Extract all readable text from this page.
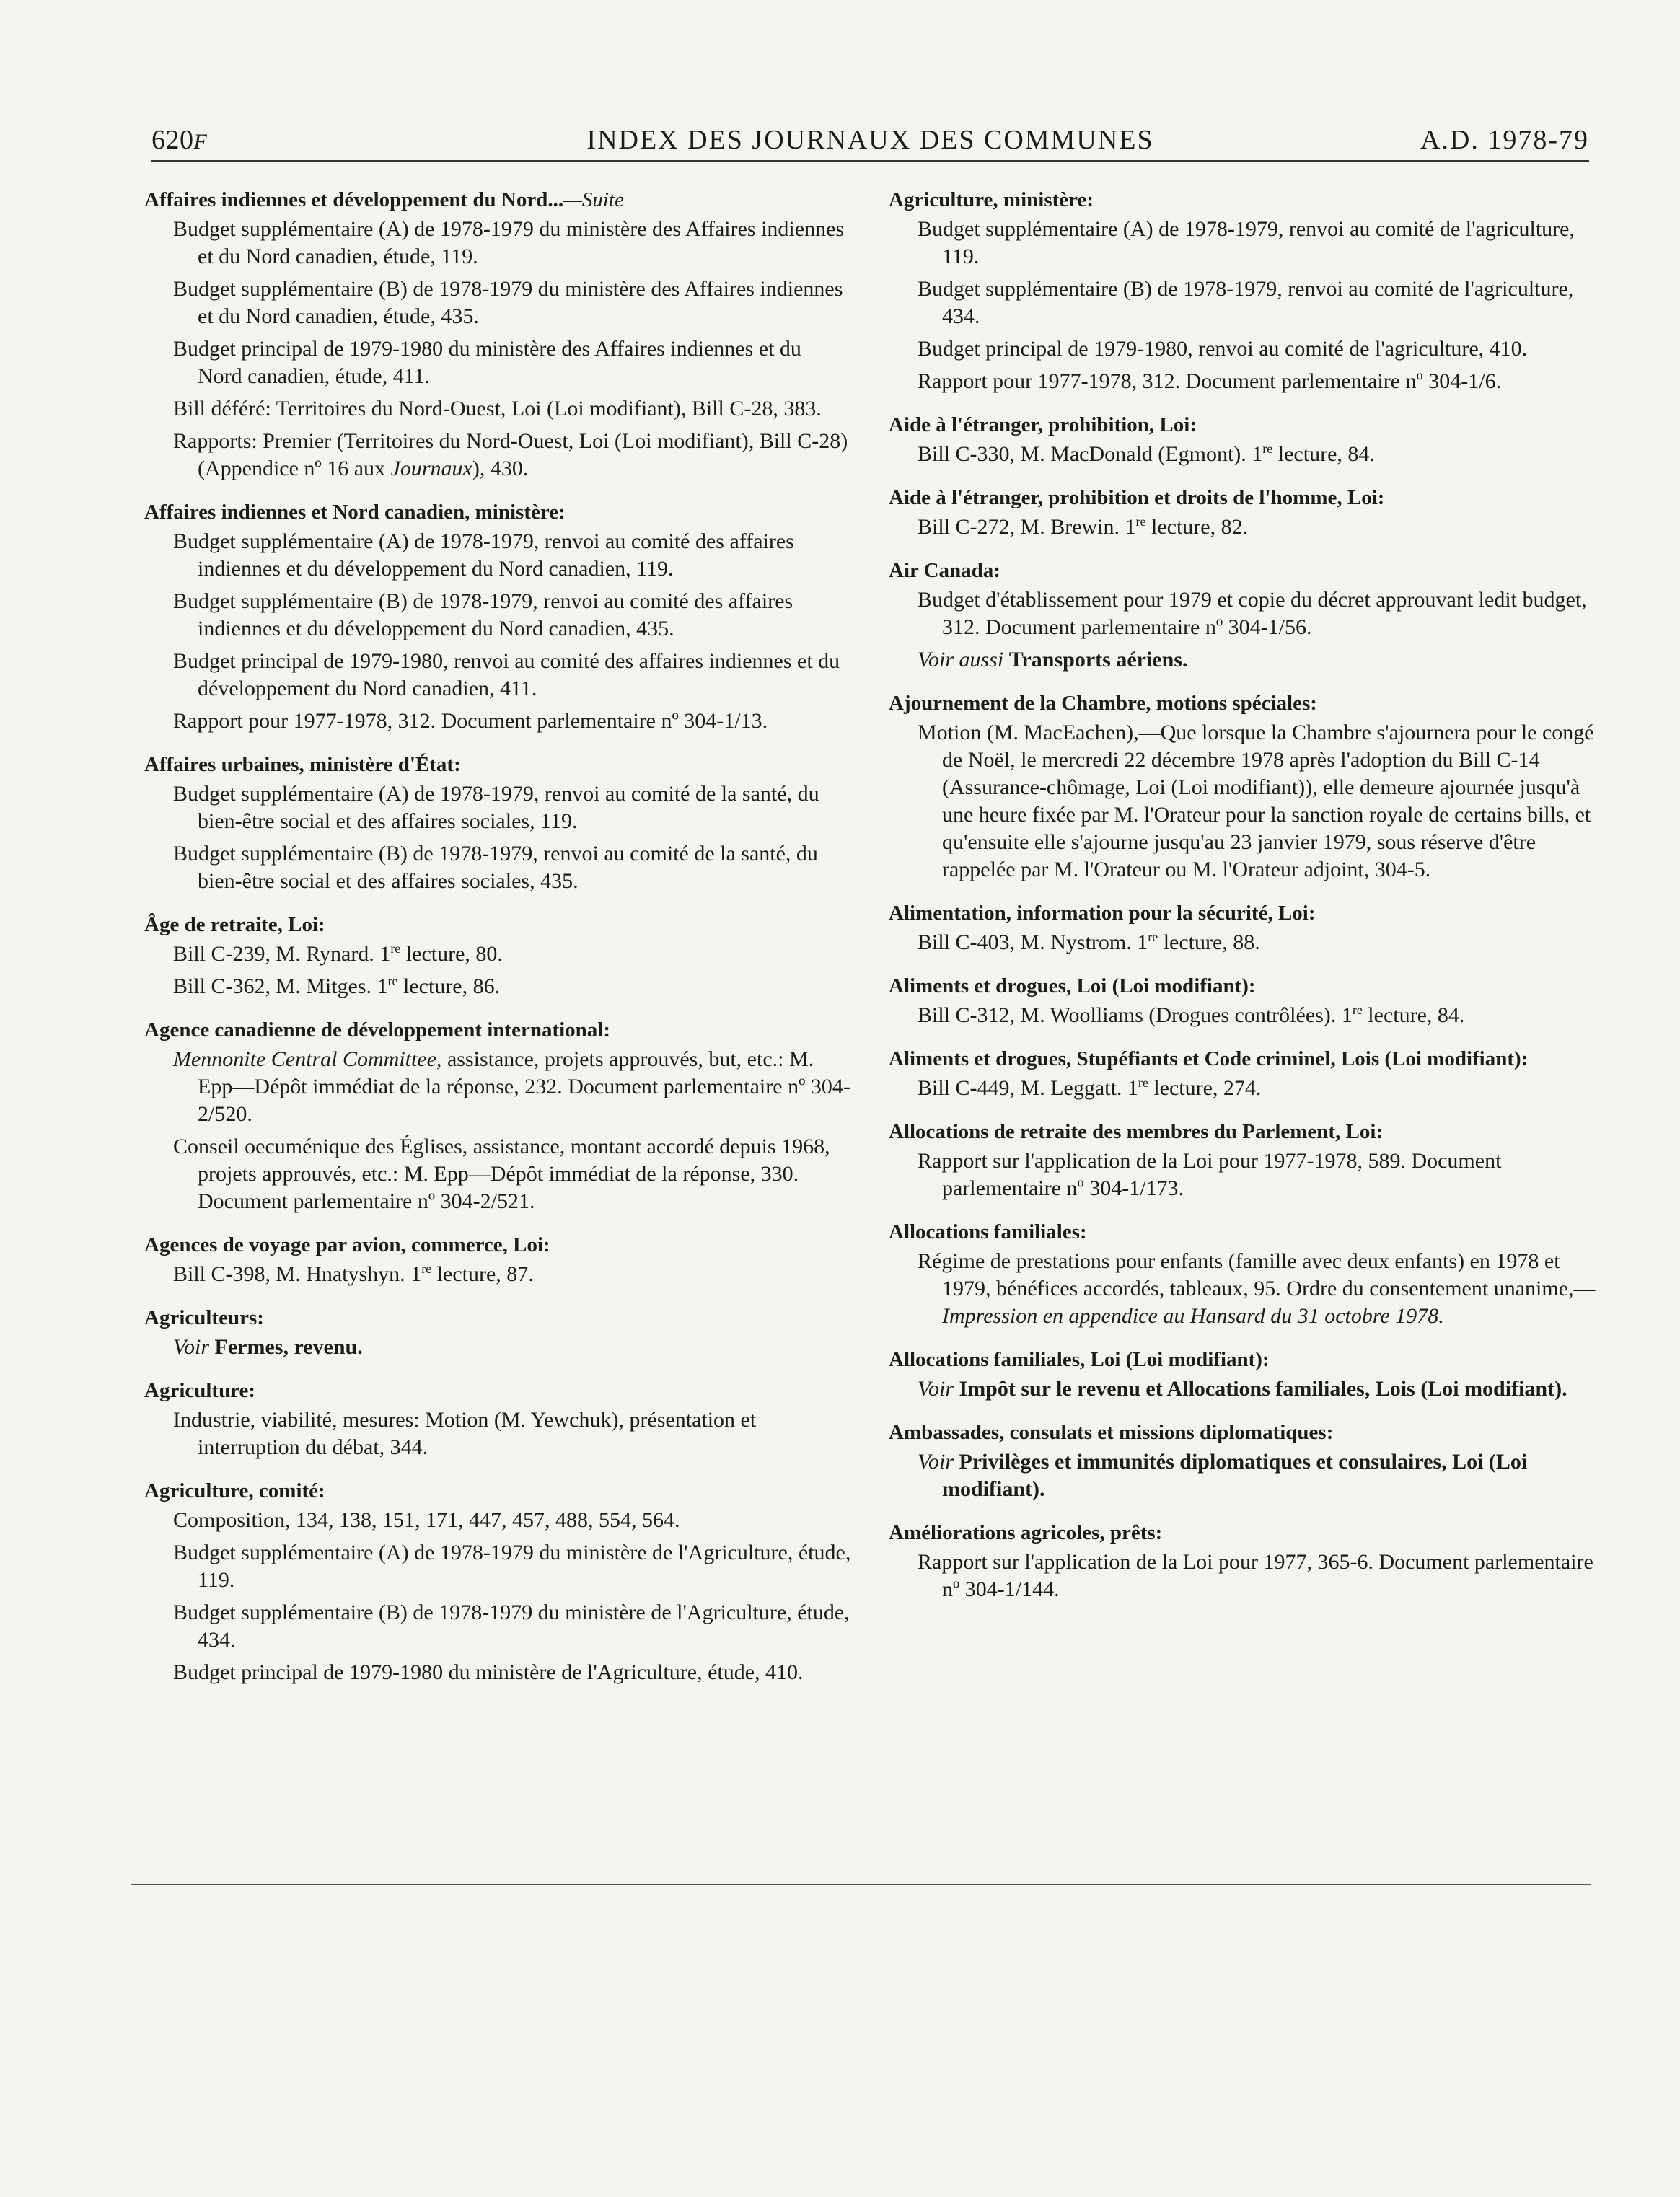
620F	INDEX DES JOURNAUX DES COMMUNES	A.D. 1978-79
Affaires indiennes et développement du Nord...—Suite
Budget supplémentaire (A) de 1978-1979 du ministère des Affaires indiennes et du Nord canadien, étude, 119.
Budget supplémentaire (B) de 1978-1979 du ministère des Affaires indiennes et du Nord canadien, étude, 435.
Budget principal de 1979-1980 du ministère des Affaires indiennes et du Nord canadien, étude, 411.
Bill déféré: Territoires du Nord-Ouest, Loi (Loi modifiant), Bill C-28, 383.
Rapports: Premier (Territoires du Nord-Ouest, Loi (Loi modifiant), Bill C-28) (Appendice nº 16 aux Journaux), 430.
Affaires indiennes et Nord canadien, ministère:
Budget supplémentaire (A) de 1978-1979, renvoi au comité des affaires indiennes et du développement du Nord canadien, 119.
Budget supplémentaire (B) de 1978-1979, renvoi au comité des affaires indiennes et du développement du Nord canadien, 435.
Budget principal de 1979-1980, renvoi au comité des affaires indiennes et du développement du Nord canadien, 411.
Rapport pour 1977-1978, 312. Document parlementaire nº 304-1/13.
Affaires urbaines, ministère d'État:
Budget supplémentaire (A) de 1978-1979, renvoi au comité de la santé, du bien-être social et des affaires sociales, 119.
Budget supplémentaire (B) de 1978-1979, renvoi au comité de la santé, du bien-être social et des affaires sociales, 435.
Âge de retraite, Loi:
Bill C-239, M. Rynard. 1re lecture, 80.
Bill C-362, M. Mitges. 1re lecture, 86.
Agence canadienne de développement international:
Mennonite Central Committee, assistance, projets approuvés, but, etc.: M. Epp—Dépôt immédiat de la réponse, 232. Document parlementaire nº 304-2/520.
Conseil oecuménique des Églises, assistance, montant accordé depuis 1968, projets approuvés, etc.: M. Epp—Dépôt immédiat de la réponse, 330. Document parlementaire nº 304-2/521.
Agences de voyage par avion, commerce, Loi:
Bill C-398, M. Hnatyshyn. 1re lecture, 87.
Agriculteurs:
Voir Fermes, revenu.
Agriculture:
Industrie, viabilité, mesures: Motion (M. Yewchuk), présentation et interruption du débat, 344.
Agriculture, comité:
Composition, 134, 138, 151, 171, 447, 457, 488, 554, 564.
Budget supplémentaire (A) de 1978-1979 du ministère de l'Agriculture, étude, 119.
Budget supplémentaire (B) de 1978-1979 du ministère de l'Agriculture, étude, 434.
Budget principal de 1979-1980 du ministère de l'Agriculture, étude, 410.
Agriculture, ministère:
Budget supplémentaire (A) de 1978-1979, renvoi au comité de l'agriculture, 119.
Budget supplémentaire (B) de 1978-1979, renvoi au comité de l'agriculture, 434.
Budget principal de 1979-1980, renvoi au comité de l'agriculture, 410.
Rapport pour 1977-1978, 312. Document parlementaire nº 304-1/6.
Aide à l'étranger, prohibition, Loi:
Bill C-330, M. MacDonald (Egmont). 1re lecture, 84.
Aide à l'étranger, prohibition et droits de l'homme, Loi:
Bill C-272, M. Brewin. 1re lecture, 82.
Air Canada:
Budget d'établissement pour 1979 et copie du décret approuvant ledit budget, 312. Document parlementaire nº 304-1/56.
Voir aussi Transports aériens.
Ajournement de la Chambre, motions spéciales:
Motion (M. MacEachen),—Que lorsque la Chambre s'ajournera pour le congé de Noël, le mercredi 22 décembre 1978 après l'adoption du Bill C-14 (Assurance-chômage, Loi (Loi modifiant)), elle demeure ajournée jusqu'à une heure fixée par M. l'Orateur pour la sanction royale de certains bills, et qu'ensuite elle s'ajourne jusqu'au 23 janvier 1979, sous réserve d'être rappelée par M. l'Orateur ou M. l'Orateur adjoint, 304-5.
Alimentation, information pour la sécurité, Loi:
Bill C-403, M. Nystrom. 1re lecture, 88.
Aliments et drogues, Loi (Loi modifiant):
Bill C-312, M. Woolliams (Drogues contrôlées). 1re lecture, 84.
Aliments et drogues, Stupéfiants et Code criminel, Lois (Loi modifiant):
Bill C-449, M. Leggatt. 1re lecture, 274.
Allocations de retraite des membres du Parlement, Loi:
Rapport sur l'application de la Loi pour 1977-1978, 589. Document parlementaire nº 304-1/173.
Allocations familiales:
Régime de prestations pour enfants (famille avec deux enfants) en 1978 et 1979, bénéfices accordés, tableaux, 95. Ordre du consentement unanime,—Impression en appendice au Hansard du 31 octobre 1978.
Allocations familiales, Loi (Loi modifiant):
Voir Impôt sur le revenu et Allocations familiales, Lois (Loi modifiant).
Ambassades, consulats et missions diplomatiques:
Voir Privilèges et immunités diplomatiques et consulaires, Loi (Loi modifiant).
Améliorations agricoles, prêts:
Rapport sur l'application de la Loi pour 1977, 365-6. Document parlementaire nº 304-1/144.
